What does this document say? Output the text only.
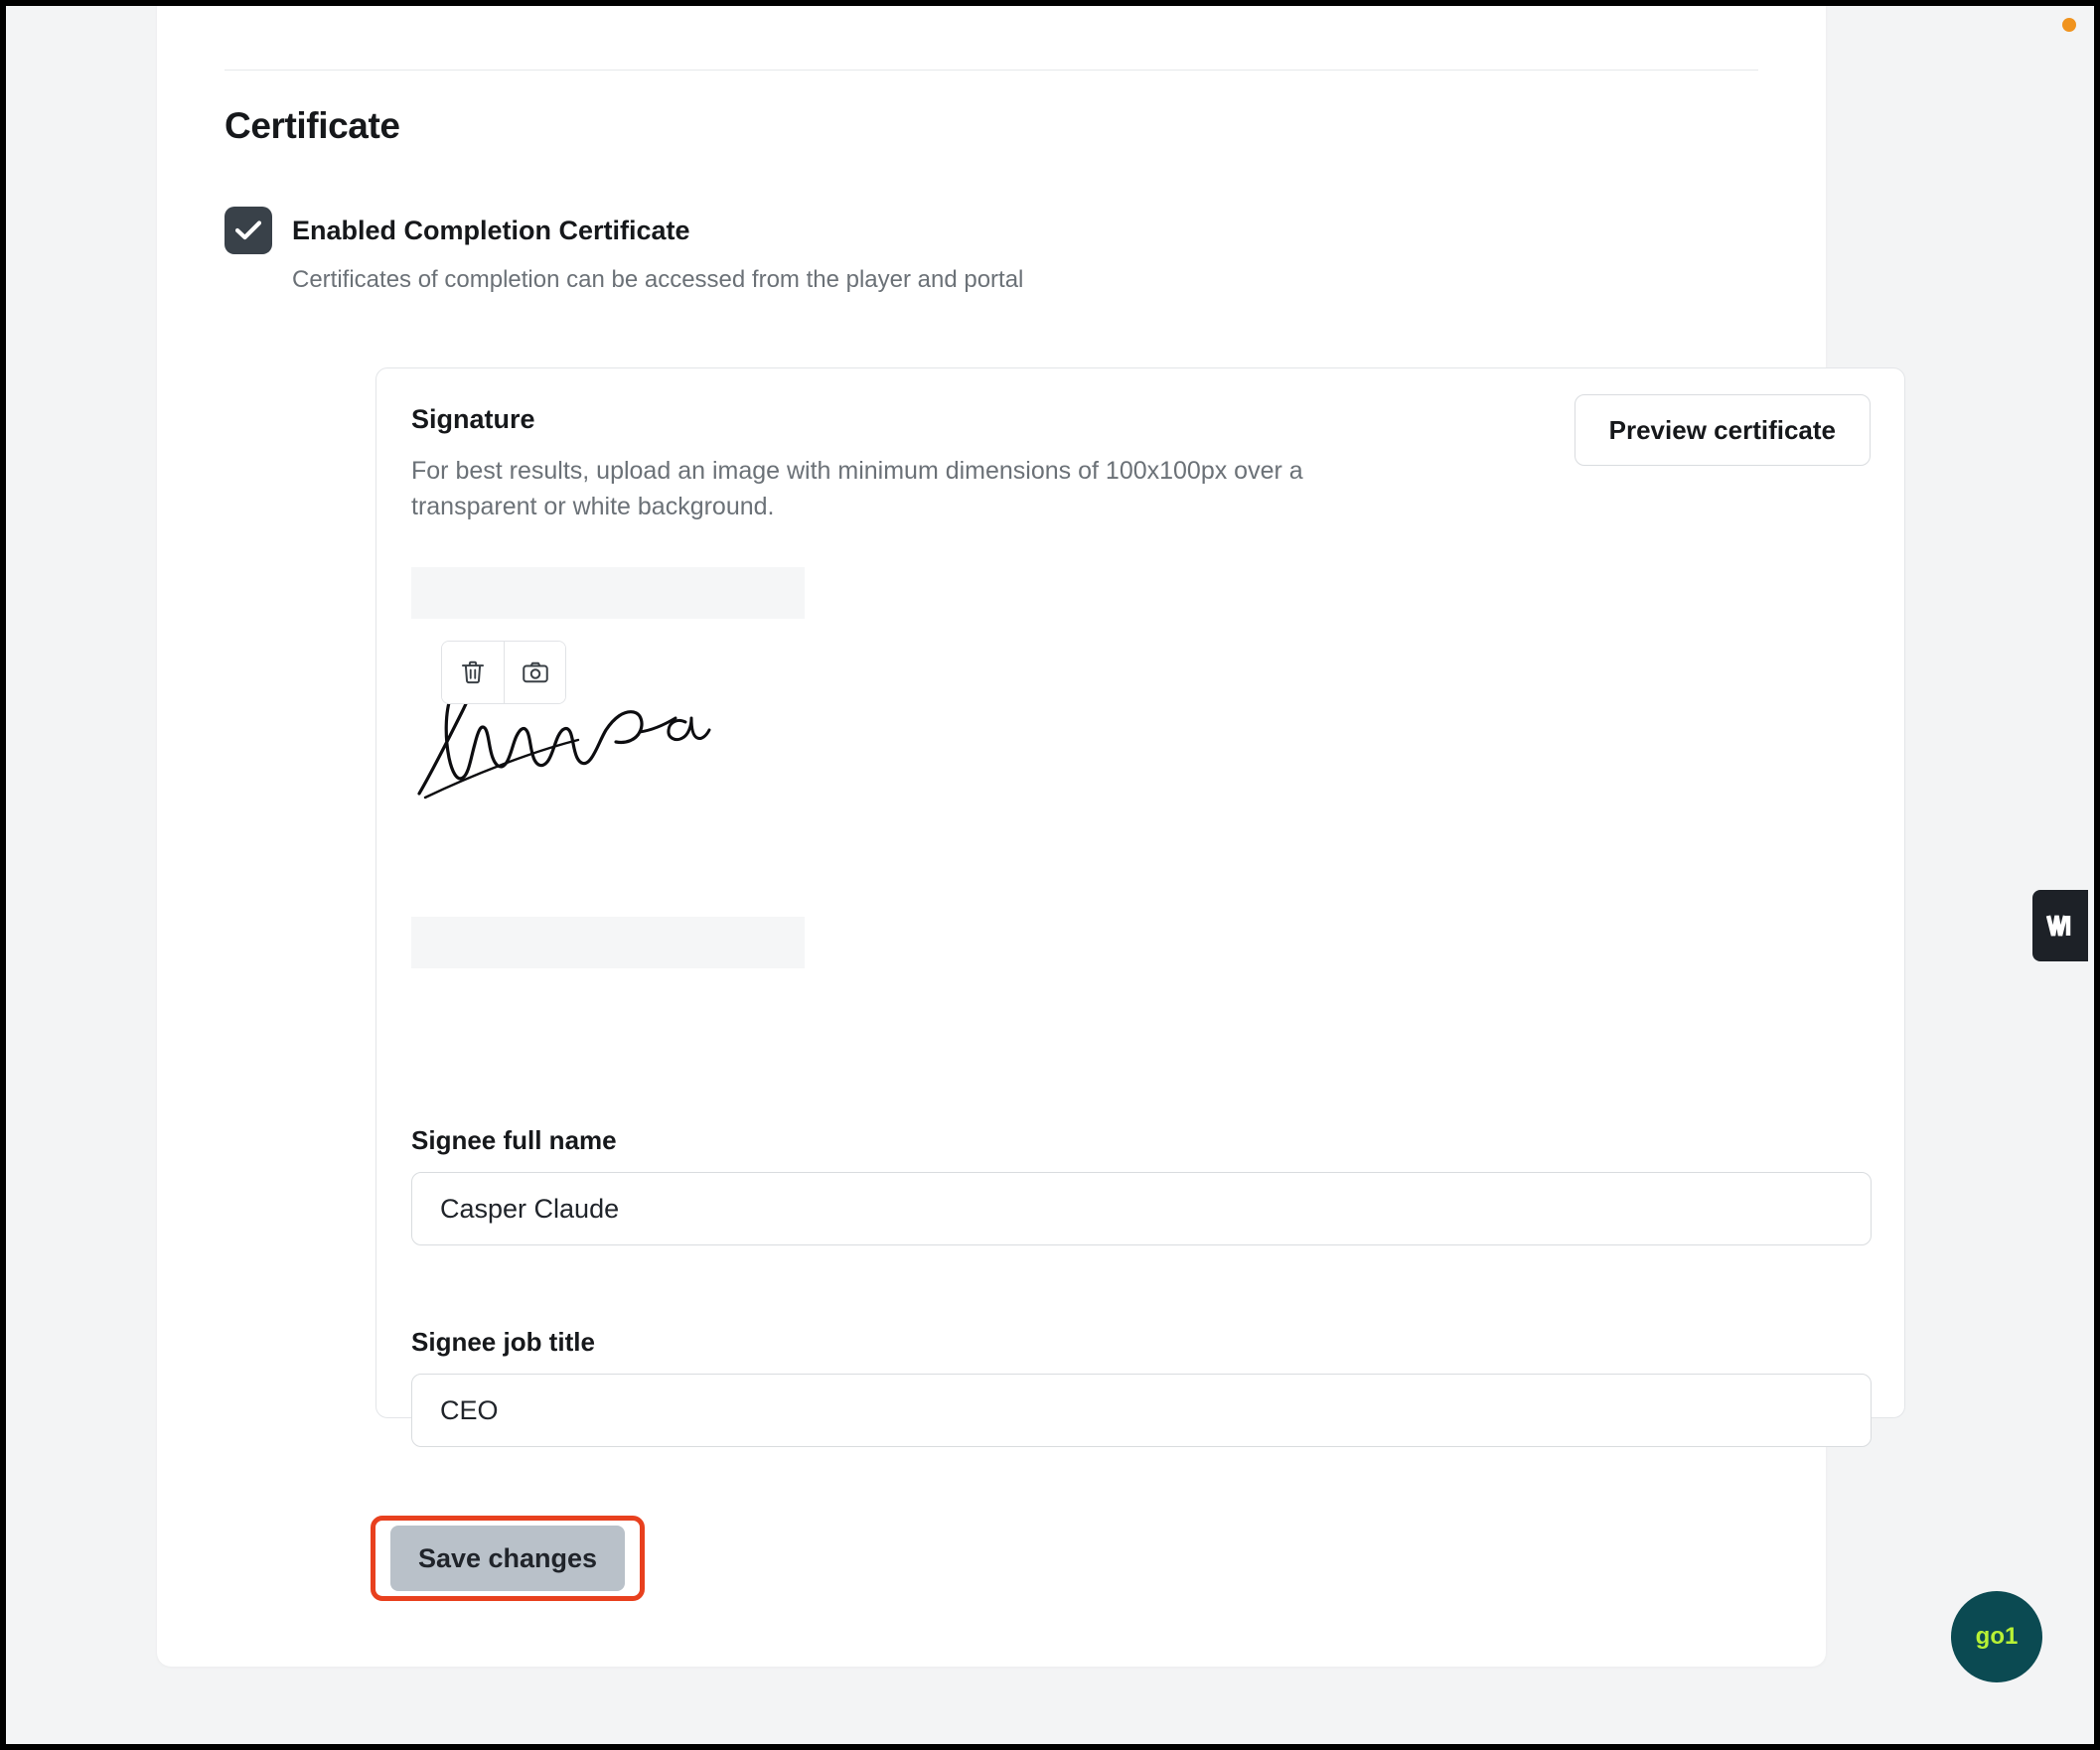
Certificate
Enabled Completion Certificate
Certificates of completion can be accessed from the player and portal
Signature
For best results, upload an image with minimum dimensions of 100x100px over a transparent or white background.
Preview certificate
Signee full name
Casper Claude
Signee job title
CEO
Save changes
go1
